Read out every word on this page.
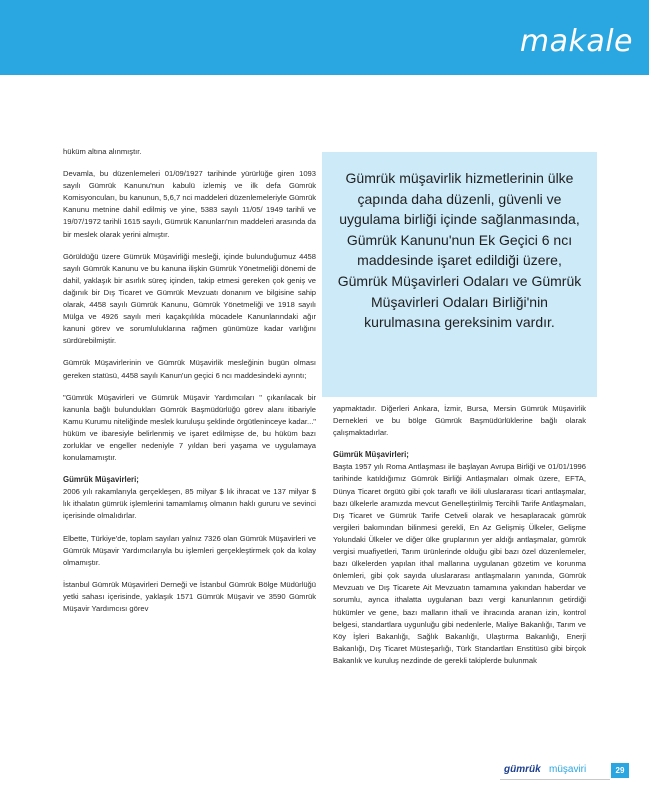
makale

hüküm altına alınmıştır.

Devamla, bu düzenlemeleri 01/09/1927 tarihinde yürürlüğe giren 1093 sayılı Gümrük Kanunu'nun kabulü izlemiş ve ilk defa Gümrük Komisyoncuları, bu kanunun, 5,6,7 nci maddeleri düzenlemeleriyle Gümrük Kanunu metnine dahil edilmiş ve yine, 5383 sayılı 11/05/ 1949 tarihli ve 19/07/1972 tarihli 1615 sayılı, Gümrük Kanunları'nın maddeleri arasında da bir meslek olarak yerini almıştır.

Görüldüğü üzere Gümrük Müşavirliği mesleği, içinde bulunduğumuz 4458 sayılı Gümrük Kanunu ve bu kanuna ilişkin Gümrük Yönetmeliği dönemi de dahil, yaklaşık bir asırlık süreç içinden, takip etmesi gereken çok geniş ve dağınık bir Dış Ticaret ve Gümrük Mevzuatı donanım ve bilgisine sahip olarak, 4458 sayılı Gümrük Kanunu, Gümrük Yönetmeliği ve 1918 sayılı Mülga ve 4926 sayılı meri kaçakçılıkla mücadele Kanunlarındaki ağır kanuni görev ve sorumluluklarına rağmen günümüze kadar varlığını sürdürebilmiştir.

Gümrük Müşavirlerinin ve Gümrük Müşavirlik mesleğinin bugün olması gereken statüsü, 4458 sayılı Kanun'un geçici 6 ncı maddesindeki ayrıntı;

"Gümrük Müşavirleri ve Gümrük Müşavir Yardımcıları " çıkarılacak bir kanunla bağlı bulundukları Gümrük Başmüdürlüğü görev alanı itibariyle Kamu Kurumu niteliğinde meslek kuruluşu şeklinde örgütleninceye kadar..." hüküm ve ibaresiyle belirlenmiş ve işaret edilmişse de, bu hüküm bazı zorluklar ve engeller nedeniyle 7 yıldan beri yaşama ve uygulamaya konulamamıştır.

Gümrük Müşavirleri;

2006 yılı rakamlarıyla gerçekleşen, 85 milyar $ lık ihracat ve 137 milyar $ lık ithalatın gümrük işlemlerini tamamlamış olmanın haklı gururu ve sevinci içerisinde olmalıdırlar.

Elbette, Türkiye'de, toplam sayıları yalnız 7326 olan Gümrük Müşavirleri ve Gümrük Müşavir Yardımcılarıyla bu işlemleri gerçekleştirmek çok da kolay olmamıştır.

İstanbul Gümrük Müşavirleri Derneği ve İstanbul Gümrük Bölge Müdürlüğü yetki sahası içerisinde, yaklaşık 1571 Gümrük Müşavir ve 3590 Gümrük Müşavir Yardımcısı görev

Gümrük müşavirlik hizmetlerinin ülke çapında daha düzenli, güvenli ve uygulama birliği içinde sağlanmasında, Gümrük Kanunu'nun Ek Geçici 6 ncı maddesinde işaret edildiği üzere, Gümrük Müşavirleri Odaları ve Gümrük Müşavirleri Odaları Birliği'nin kurulmasına gereksinim vardır.

yapmaktadır. Diğerleri Ankara, İzmir, Bursa, Mersin Gümrük Müşavirlik Dernekleri ve bu bölge Gümrük Başmüdürlüklerine bağlı olarak çalışmaktadırlar.

Gümrük Müşavirleri;

Başta 1957 yılı Roma Antlaşması ile başlayan Avrupa Birliği ve 01/01/1996 tarihinde katıldığımız Gümrük Birliği Antlaşmaları olmak üzere, EFTA, Dünya Ticaret örgütü gibi çok taraflı ve ikili uluslararası ticari antlaşmalar, bazı ülkelerle aramızda mevcut Genelleştirilmiş Tercihli Tarife Antlaşmaları, Dış Ticaret ve Gümrük Tarife Cetveli olarak ve hesaplaracak gümrük vergileri bakımından bilinmesi gerekli, En Az Gelişmiş Ülkeler, Gelişme Yolundaki Ülkeler ve diğer ülke gruplarının yer aldığı antlaşmalar, gümrük vergisi muafiyetleri, Tarım ürünlerinde olduğu gibi bazı özel düzenlemeler, bazı ülkelerden yapılan ithal mallarına uygulanan gözetim ve korunma önlemleri, gibi çok sayıda uluslararası antlaşmaların yanında, Gümrük Mevzuatı ve Dış Ticarete Ait Mevzuatın tamamına yakından haberdar ve sorumlu, ayrıca ithalatta uygulanan bazı vergi kanunlarının getirdiği hükümler ve gene, bazı malların ithali ve ihracında aranan izin, kontrol belgesi, standartlara uygunluğu gibi nedenlerle, Maliye Bakanlığı, Tarım ve Köy İşleri Bakanlığı, Sağlık Bakanlığı, Ulaştırma Bakanlığı, Enerji Bakanlığı, Dış Ticaret Müsteşarlığı, Türk Standartları Enstitüsü gibi birçok Bakanlık ve kuruluş nezdinde de gerekli takiplerde bulunmak

gümrük müşaviri	29
